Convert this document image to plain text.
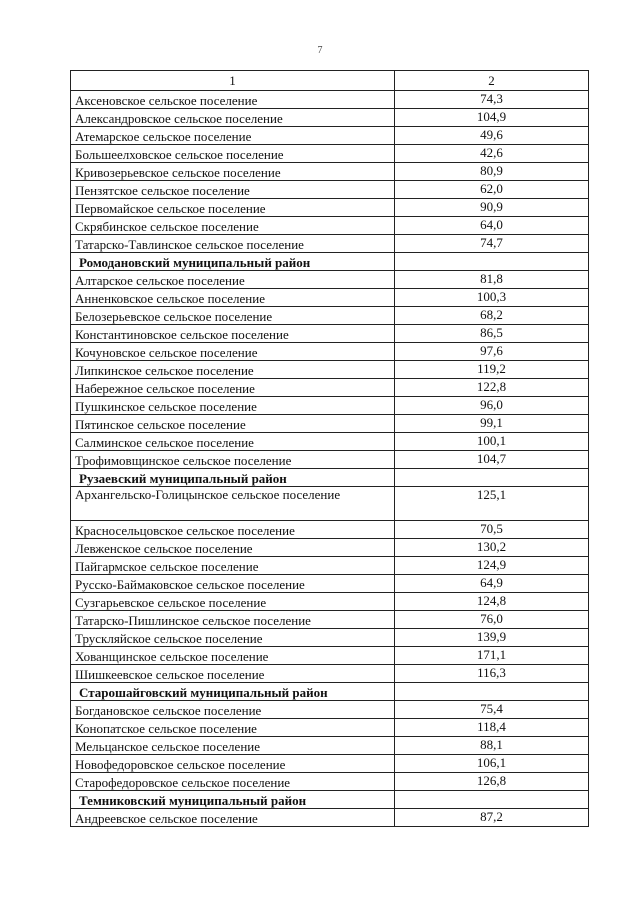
7
1	2
Аксеновское сельское поселение	74,3
Александровское сельское поселение	104,9
Атемарское сельское поселение	49,6
Большеелховское сельское поселение	42,6
Кривозерьевское сельское поселение	80,9
Пензятское сельское поселение	62,0
Первомайское сельское поселение	90,9
Скрябинское сельское поселение	64,0
Татарско-Тавлинское сельское поселение	74,7
Ромодановский муниципальный район	
Алтарское сельское поселение	81,8
Анненковское сельское поселение	100,3
Белозерьевское сельское поселение	68,2
Константиновское сельское поселение	86,5
Кочуновское сельское поселение	97,6
Липкинское сельское поселение	119,2
Набережное сельское поселение	122,8
Пушкинское сельское поселение	96,0
Пятинское сельское поселение	99,1
Салминское сельское поселение	100,1
Трофимовщинское сельское поселение	104,7
Рузаевский муниципальный район	
Архангельско-Голицынское сельское поселение	125,1
Красносельцовское сельское поселение	70,5
Левженское сельское поселение	130,2
Пайгармское сельское поселение	124,9
Русско-Баймаковское сельское поселение	64,9
Сузгарьевское сельское поселение	124,8
Татарско-Пишлинское сельское поселение	76,0
Трускляйское сельское поселение	139,9
Хованщинское сельское поселение	171,1
Шишкеевское сельское поселение	116,3
Старошайговский муниципальный район	
Богдановское сельское поселение	75,4
Конопатское сельское поселение	118,4
Мельцанское сельское поселение	88,1
Новофедоровское сельское поселение	106,1
Старофедоровское сельское поселение	126,8
Темниковский муниципальный район	
Андреевское сельское поселение	87,2
